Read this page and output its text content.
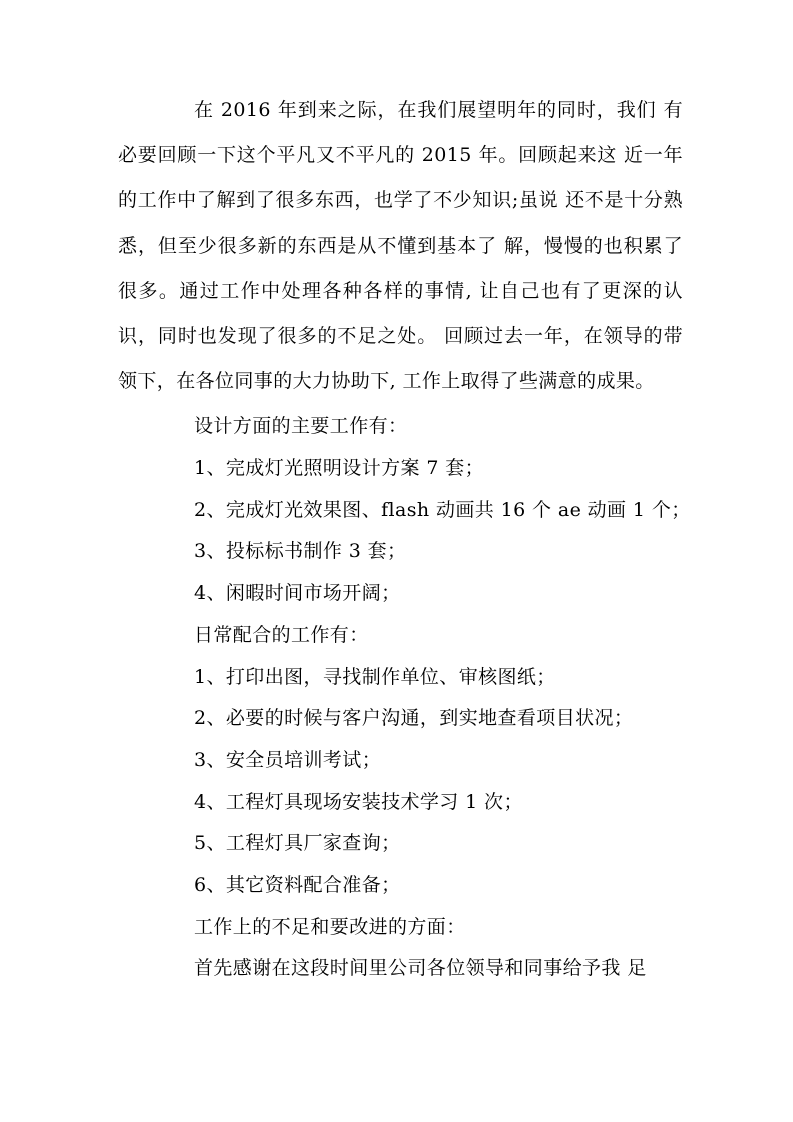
在 2016 年到来之际，在我们展望明年的同时，我们 有必要回顾一下这个平凡又不平凡的 2015 年。回顾起来这 近一年的工作中了解到了很多东西，也学了不少知识;虽说 还不是十分熟悉，但至少很多新的东西是从不懂到基本了 解，慢慢的也积累了很多。通过工作中处理各种各样的事情, 让自己也有了更深的认识，同时也发现了很多的不足之处。 回顾过去一年，在领导的带领下，在各位同事的大力协助下, 工作上取得了些满意的成果。

设计方面的主要工作有：
1、完成灯光照明设计方案 7 套；
2、完成灯光效果图、flash 动画共 16 个 ae 动画 1 个；
3、投标标书制作 3 套；
4、闲暇时间市场开阔；
日常配合的工作有：
1、打印出图，寻找制作单位、审核图纸；
2、必要的时候与客户沟通，到实地查看项目状况；
3、安全员培训考试；
4、工程灯具现场安装技术学习 1 次；
5、工程灯具厂家查询；
6、其它资料配合准备；
工作上的不足和要改进的方面：
首先感谢在这段时间里公司各位领导和同事给予我 足
